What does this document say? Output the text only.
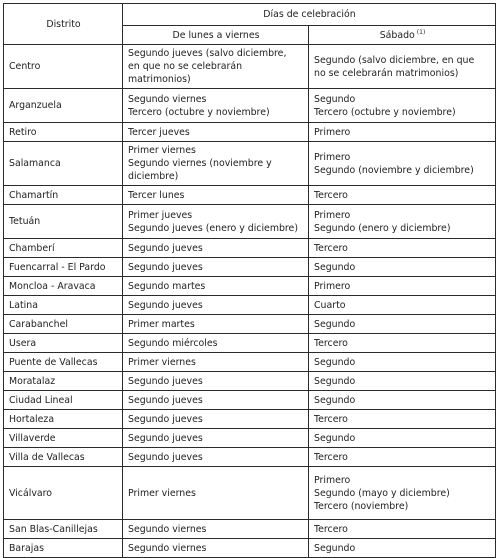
Distrito	Días de celebración	
	De lunes a viernes	Sábado $^{(1)}$
Centro	Segundo jueves (salvo diciembre,
en que no se celebrarán
matrimonios)	Segundo (salvo diciembre, en que
no se celebrarán matrimonios)

Arganzuela	Segundo viernes
Tercero (octubre y noviembre)	Segundo
Tercero (octubre y noviembre)

Retiro	Tercer jueves	Primero

Salamanca	Primer viernes
Segundo viernes (noviembre y
diciembre)	Primero
Segundo (noviembre y diciembre)

Chamartín	Tercer lunes	Tercero

Tetuán	Primer jueves
Segundo jueves (enero y diciembre)	Primero
Segundo (enero y diciembre)

Chamberí	Segundo jueves	Tercero

Fuencarral - El Pardo	Segundo jueves	Segundo

Moncloa - Aravaca	Segundo martes	Primero

Latina	Segundo jueves	Cuarto

Carabanchel	Primer martes	Segundo

Usera	Segundo miércoles	Tercero

Puente de Vallecas	Primer viernes	Segundo

Moratalaz	Segundo jueves	Segundo

Ciudad Lineal	Segundo jueves	Segundo

Hortaleza	Segundo jueves	Tercero

Villaverde	Segundo jueves	Segundo

Villa de Vallecas	Segundo jueves	Tercero

Vicálvaro	Primer viernes	Primero
Segundo (mayo y diciembre)
Tercero (noviembre)

San Blas-Canillejas	Segundo viernes	Tercero

Barajas	Segundo viernes	Segundo
